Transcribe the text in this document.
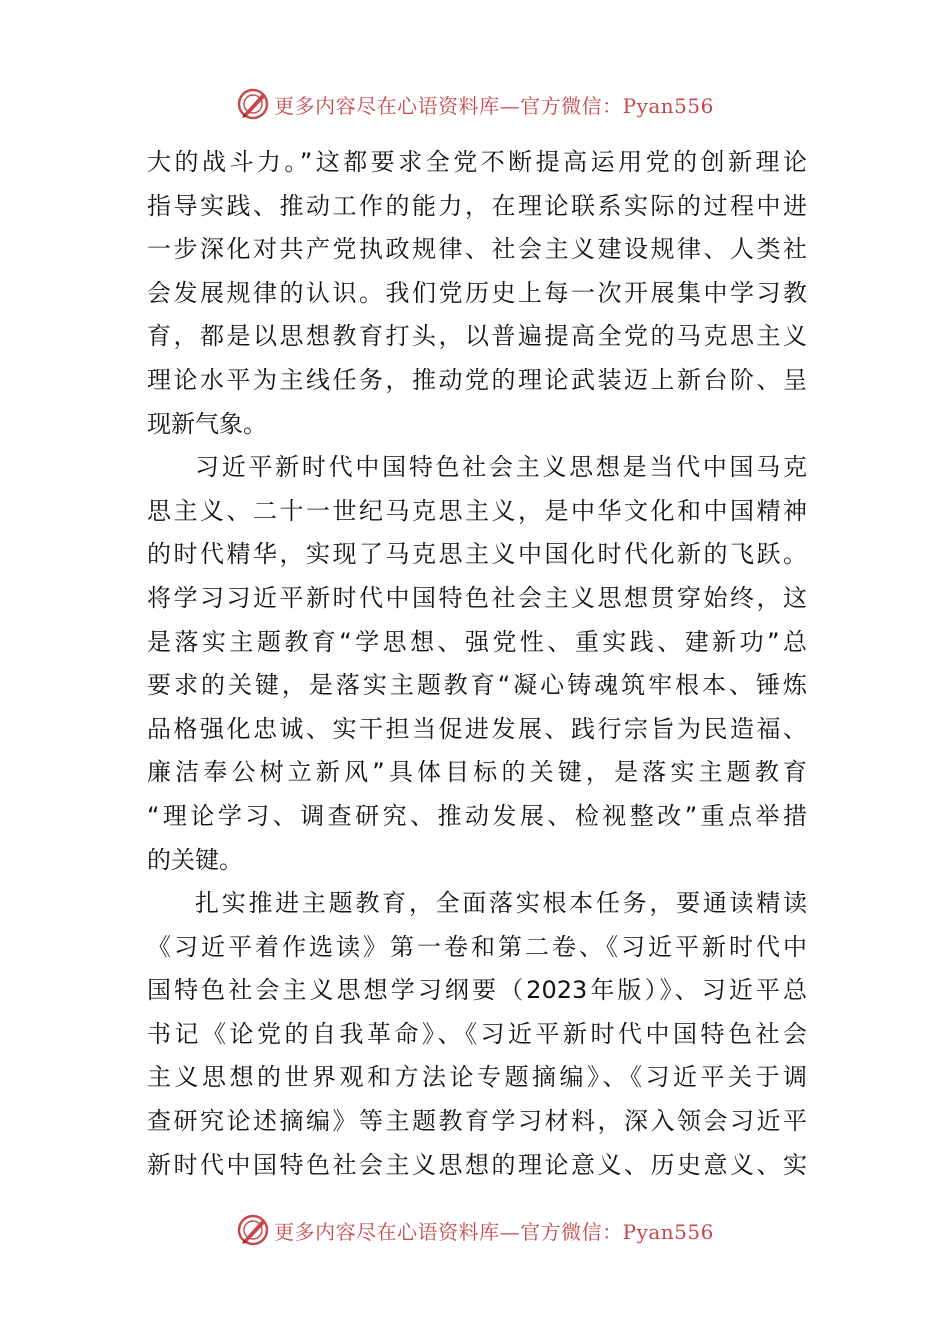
更多内容尽在心语资料库—官方微信：Pyan556
大的战斗力。”这都要求全党不断提高运用党的创新理论
指导实践、推动工作的能力，在理论联系实际的过程中进
一步深化对共产党执政规律、社会主义建设规律、人类社
会发展规律的认识。我们党历史上每一次开展集中学习教
育，都是以思想教育打头，以普遍提高全党的马克思主义
理论水平为主线任务，推动党的理论武装迈上新台阶、呈
现新气象。
习近平新时代中国特色社会主义思想是当代中国马克
思主义、二十一世纪马克思主义，是中华文化和中国精神
的时代精华，实现了马克思主义中国化时代化新的飞跃。
将学习习近平新时代中国特色社会主义思想贯穿始终，这
是落实主题教育“学思想、强党性、重实践、建新功”总
要求的关键，是落实主题教育“凝心铸魂筑牢根本、锤炼
品格强化忠诚、实干担当促进发展、践行宗旨为民造福、
廉洁奉公树立新风”具体目标的关键，是落实主题教育
“理论学习、调查研究、推动发展、检视整改”重点举措
的关键。
扎实推进主题教育，全面落实根本任务，要通读精读
《习近平着作选读》第一卷和第二卷、《习近平新时代中
国特色社会主义思想学习纲要（2023年版）》、习近平总
书记《论党的自我革命》、《习近平新时代中国特色社会
主义思想的世界观和方法论专题摘编》、《习近平关于调
查研究论述摘编》等主题教育学习材料，深入领会习近平
新时代中国特色社会主义思想的理论意义、历史意义、实
更多内容尽在心语资料库—官方微信：Pyan556
